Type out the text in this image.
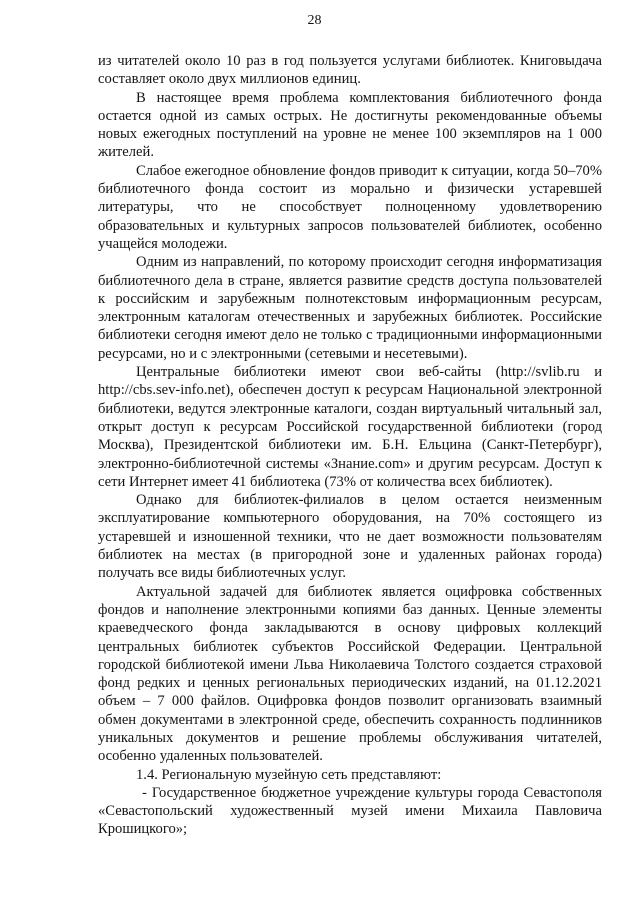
28

из читателей около 10 раз в год пользуется услугами библиотек. Книговыдача составляет около двух миллионов единиц.

В настоящее время проблема комплектования библиотечного фонда остается одной из самых острых. Не достигнуты рекомендованные объемы новых ежегодных поступлений на уровне не менее 100 экземпляров на 1 000 жителей.

Слабое ежегодное обновление фондов приводит к ситуации, когда 50–70% библиотечного фонда состоит из морально и физически устаревшей литературы, что не способствует полноценному удовлетворению образовательных и культурных запросов пользователей библиотек, особенно учащейся молодежи.

Одним из направлений, по которому происходит сегодня информатизация библиотечного дела в стране, является развитие средств доступа пользователей к российским и зарубежным полнотекстовым информационным ресурсам, электронным каталогам отечественных и зарубежных библиотек. Российские библиотеки сегодня имеют дело не только с традиционными информационными ресурсами, но и с электронными (сетевыми и несетевыми).

Центральные библиотеки имеют свои веб-сайты (http://svlib.ru и http://cbs.sev-info.net), обеспечен доступ к ресурсам Национальной электронной библиотеки, ведутся электронные каталоги, создан виртуальный читальный зал, открыт доступ к ресурсам Российской государственной библиотеки (город Москва), Президентской библиотеки им. Б.Н. Ельцина (Санкт-Петербург), электронно-библиотечной системы «Знание.com» и другим ресурсам. Доступ к сети Интернет имеет 41 библиотека (73% от количества всех библиотек).

Однако для библиотек-филиалов в целом остается неизменным эксплуатирование компьютерного оборудования, на 70% состоящего из устаревшей и изношенной техники, что не дает возможности пользователям библиотек на местах (в пригородной зоне и удаленных районах города) получать все виды библиотечных услуг.

Актуальной задачей для библиотек является оцифровка собственных фондов и наполнение электронными копиями баз данных. Ценные элементы краеведческого фонда закладываются в основу цифровых коллекций центральных библиотек субъектов Российской Федерации. Центральной городской библиотекой имени Льва Николаевича Толстого создается страховой фонд редких и ценных региональных периодических изданий, на 01.12.2021 объем – 7 000 файлов. Оцифровка фондов позволит организовать взаимный обмен документами в электронной среде, обеспечить сохранность подлинников уникальных документов и решение проблемы обслуживания читателей, особенно удаленных пользователей.

1.4. Региональную музейную сеть представляют:

- Государственное бюджетное учреждение культуры города Севастополя «Севастопольский художественный музей имени Михаила Павловича Крошицкого»;
